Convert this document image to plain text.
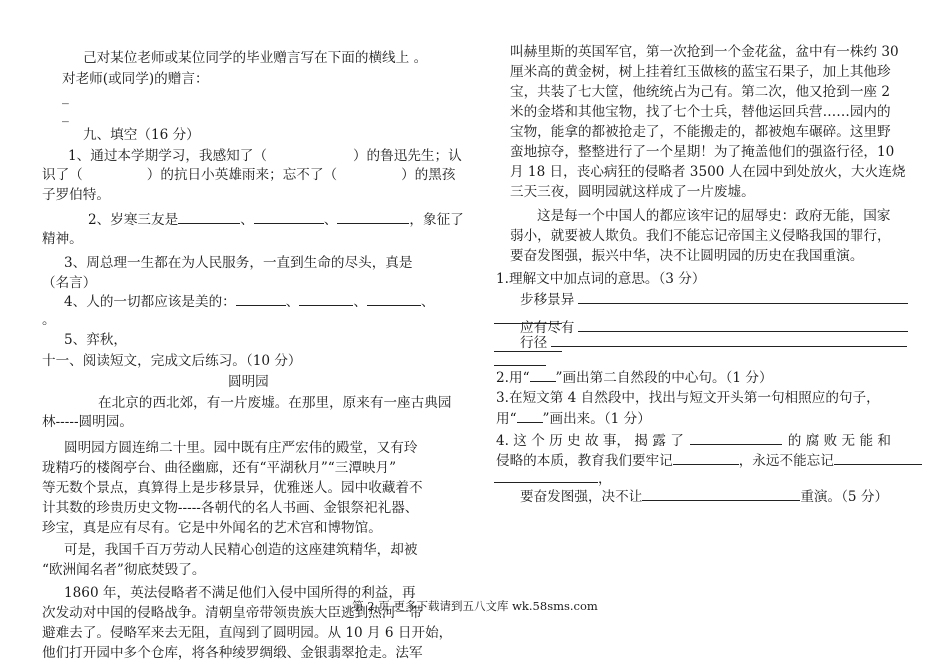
己对某位老师或某位同学的毕业赠言写在下面的横线上 。
对老师(或同学)的赠言：
_
_
九、填空（16 分）
1、通过本学期学习，我感知了（	）的鲁迅先生；认
识了（	）的抗日小英雄雨来；忘不了（	）的黑孩
子罗伯特。
2、岁寒三友是	、	、	，象征了
精神。
3、周总理一生都在为人民服务，一直到生命的尽头，真是
（名言）
4、人的一切都应该是美的：	、	、	、
。
5、弈秋，
十一、阅读短文，完成文后练习。（10 分）
圆明园
在北京的西北郊，有一片废墟。在那里，原来有一座古典园
林-----圆明园。
圆明园方圆连绵二十里。园中既有庄严宏伟的殿堂，又有玲
珑精巧的楼阁亭台、曲径幽廊，还有“平湖秋月”“三潭映月”
等无数个景点，真算得上是步移景异，优雅迷人。园中收藏着不
计其数的珍贵历史文物-----各朝代的名人书画、金银祭祀礼器、
珍宝，真是应有尽有。它是中外闻名的艺术宫和博物馆。
可是，我国千百万劳动人民精心创造的这座建筑精华，却被
“欧洲闻名者”彻底焚毁了。
1860 年，英法侵略者不满足他们入侵中国所得的利益，再
次发动对中国的侵略战争。清朝皇帝带领贵族大臣逃到热河一带
避难去了。侵略军来去无阻，直闯到了圆明园。从 10 月 6 日开始，
他们打开园中多个仓库，将各种绫罗绸缎、金银翡翠抢走。法军
叫赫里斯的英国军官，第一次抢到一个金花盆，盆中有一株约 30
厘米高的黄金树，树上挂着红玉做核的蓝宝石果子，加上其他珍
宝，共装了七大筐，他统统占为己有。第二次，他又抢到一座 2
米的金塔和其他宝物，找了七个士兵，替他运回兵营……园内的
宝物，能拿的都被抢走了，不能搬走的，都被炮车碾碎。这里野
蛮地掠夺，整整进行了一个星期！为了掩盖他们的强盗行径，10
月 18 日，丧心病狂的侵略者 3500 人在园中到处放火，大火连烧
三天三夜，圆明园就这样成了一片废墟。
这是每一个中国人的都应该牢记的屈辱史：政府无能，国家
弱小，就要被人欺负。我们不能忘记帝国主义侵略我国的罪行，
要奋发图强，振兴中华，决不让圆明园的历史在我国重演。
1.理解文中加点词的意思。（3 分）
步移景异
应有尽有
行径
2.用“ ”画出第二自然段的中心句。（1 分）
3.在短文第 4 自然段中，找出与短文开头第一句相照应的句子，
用“ ”画出来。（1 分）
4. 这 个 历 史 故 事， 揭 露 了	的 腐 败 无 能 和
侵略的本质，教育我们要牢记	，永远不能忘记
，
要奋发图强，决不让	重演。（5 分）
第 2 页 更多下载请到五八文库 wk.58sms.com
